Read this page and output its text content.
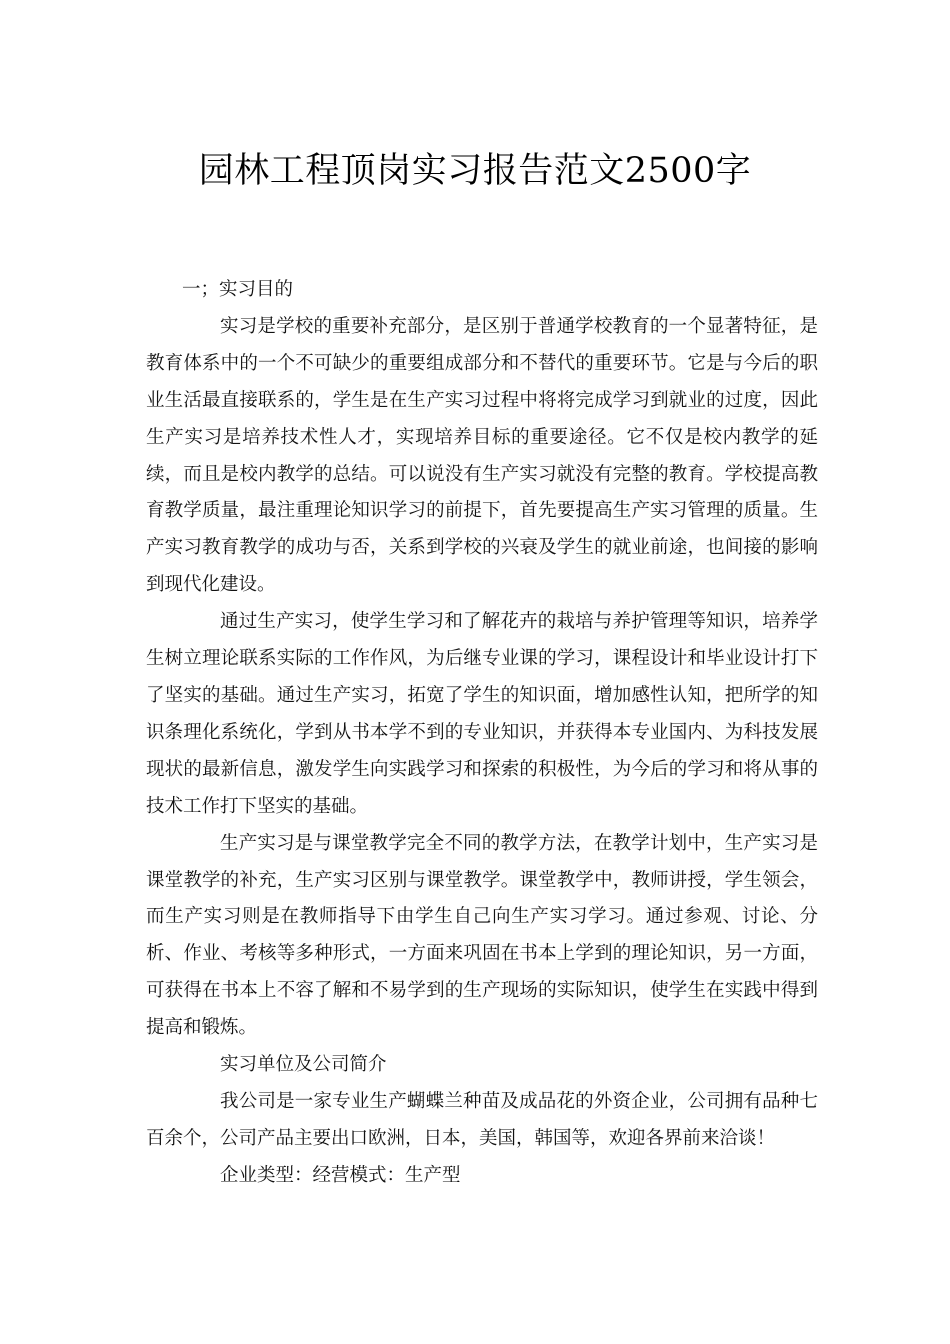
园林工程顶岗实习报告范文2500字
一；实习目的

实习是学校的重要补充部分，是区别于普通学校教育的一个显著特征，是教育体系中的一个不可缺少的重要组成部分和不替代的重要环节。它是与今后的职业生活最直接联系的，学生是在生产实习过程中将将完成学习到就业的过度，因此生产实习是培养技术性人才，实现培养目标的重要途径。它不仅是校内教学的延续，而且是校内教学的总结。可以说没有生产实习就没有完整的教育。学校提高教育教学质量，最注重理论知识学习的前提下，首先要提高生产实习管理的质量。生产实习教育教学的成功与否，关系到学校的兴衰及学生的就业前途，也间接的影响到现代化建设。

通过生产实习，使学生学习和了解花卉的栽培与养护管理等知识，培养学生树立理论联系实际的工作作风，为后继专业课的学习，课程设计和毕业设计打下了坚实的基础。通过生产实习，拓宽了学生的知识面，增加感性认知，把所学的知识条理化系统化，学到从书本学不到的专业知识，并获得本专业国内、为科技发展现状的最新信息，激发学生向实践学习和探索的积极性，为今后的学习和将从事的技术工作打下坚实的基础。

生产实习是与课堂教学完全不同的教学方法，在教学计划中，生产实习是课堂教学的补充，生产实习区别与课堂教学。课堂教学中，教师讲授，学生领会，而生产实习则是在教师指导下由学生自己向生产实习学习。通过参观、讨论、分析、作业、考核等多种形式，一方面来巩固在书本上学到的理论知识，另一方面，可获得在书本上不容了解和不易学到的生产现场的实际知识，使学生在实践中得到提高和锻炼。

实习单位及公司简介

我公司是一家专业生产蝴蝶兰种苗及成品花的外资企业，公司拥有品种七百余个，公司产品主要出口欧洲，日本，美国，韩国等，欢迎各界前来洽谈！

企业类型：经营模式：生产型
